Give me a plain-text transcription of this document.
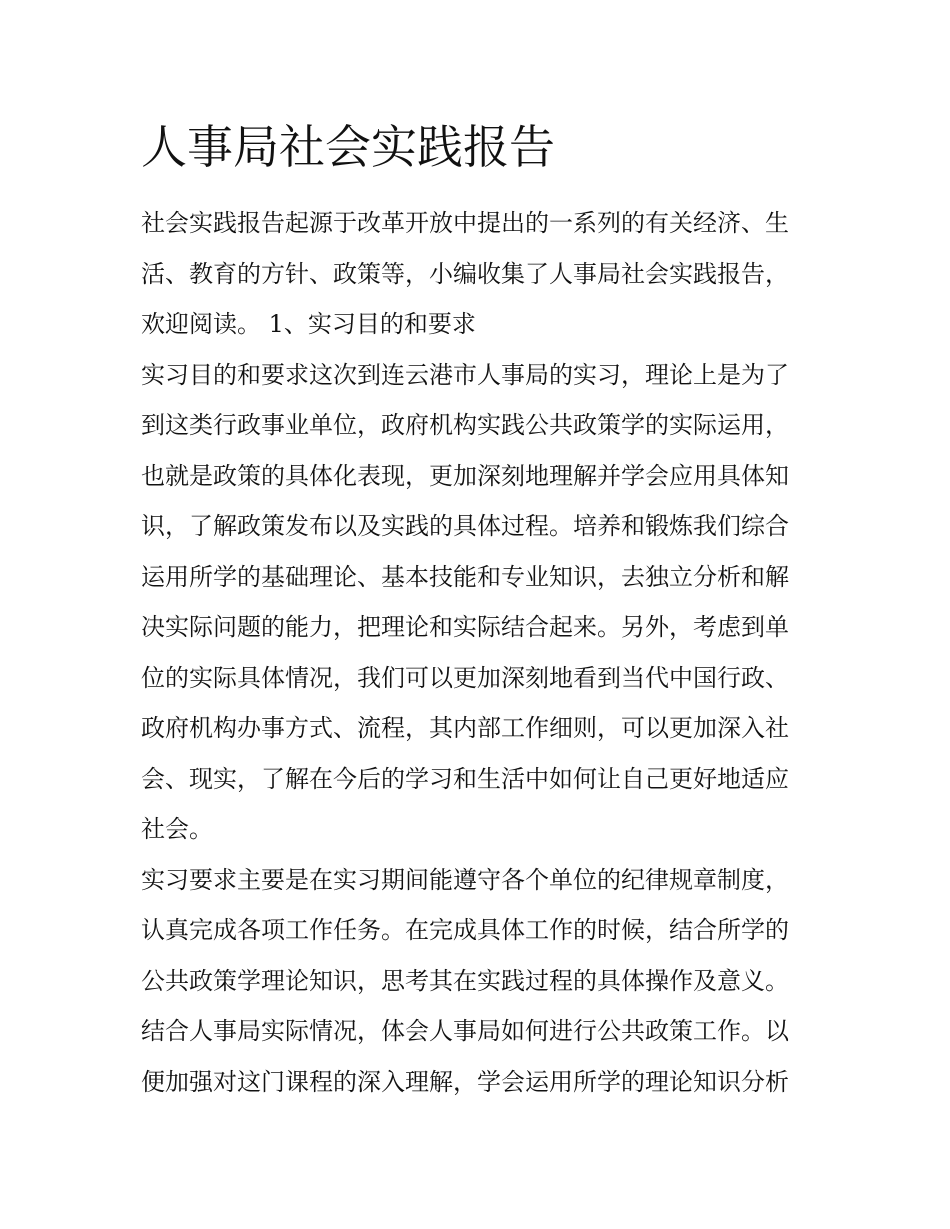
人事局社会实践报告
社会实践报告起源于改革开放中提出的一系列的有关经济、生
活、教育的方针、政策等，小编收集了人事局社会实践报告，
欢迎阅读。 1、实习目的和要求
实习目的和要求这次到连云港市人事局的实习，理论上是为了
到这类行政事业单位，政府机构实践公共政策学的实际运用，
也就是政策的具体化表现，更加深刻地理解并学会应用具体知
识，了解政策发布以及实践的具体过程。培养和锻炼我们综合
运用所学的基础理论、基本技能和专业知识，去独立分析和解
决实际问题的能力，把理论和实际结合起来。另外，考虑到单
位的实际具体情况，我们可以更加深刻地看到当代中国行政、
政府机构办事方式、流程，其内部工作细则，可以更加深入社
会、现实，了解在今后的学习和生活中如何让自己更好地适应
社会。
实习要求主要是在实习期间能遵守各个单位的纪律规章制度，
认真完成各项工作任务。在完成具体工作的时候，结合所学的
公共政策学理论知识，思考其在实践过程的具体操作及意义。
结合人事局实际情况，体会人事局如何进行公共政策工作。以
便加强对这门课程的深入理解，学会运用所学的理论知识分析
